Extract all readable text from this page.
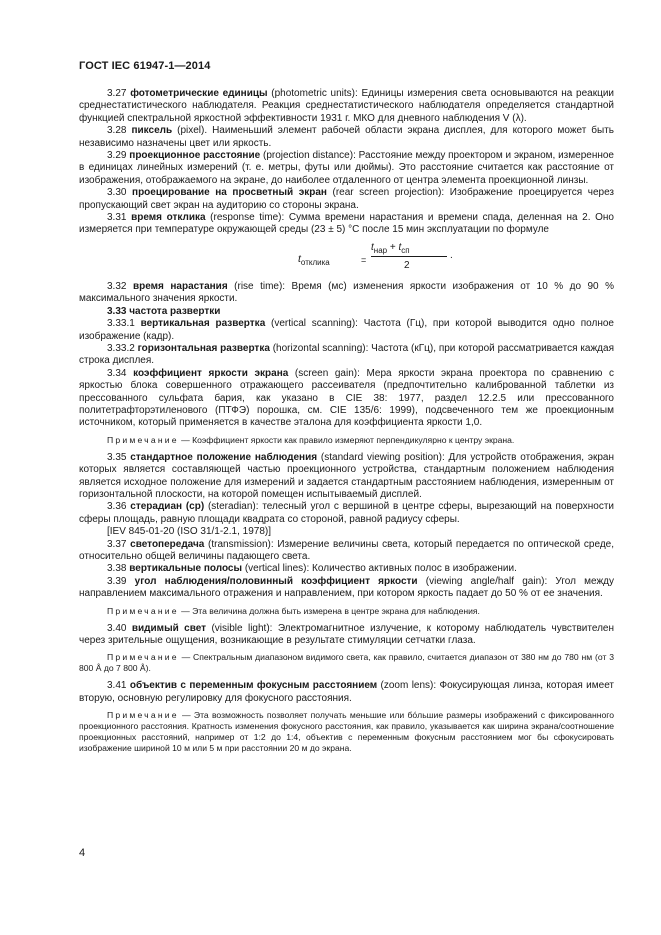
ГОСТ IEC 61947-1—2014

3.27 фотометрические единицы (photometric units): Единицы измерения света основываются на реакции среднестатистического наблюдателя. Реакция среднестатистического наблюдателя определяется стандартной функцией спектральной яркостной эффективности 1931 г. МКО для дневного наблюдения V (λ).

3.28 пиксель (pixel). Наименьший элемент рабочей области экрана дисплея, для которого может быть независимо назначены цвет или яркость.

3.29 проекционное расстояние (projection distance): Расстояние между проектором и экраном, измеренное в единицах линейных измерений (т. е. метры, футы или дюймы). Это расстояние считается как расстояние от изображения, отображаемого на экране, до наиболее отдаленного от центра элемента проекционной линзы.

3.30 проецирование на просветный экран (rear screen projection): Изображение проецируется через пропускающий свет экран на аудиторию со стороны экрана.

3.31 время отклика (response time): Сумма времени нарастания и времени спада, деленная на 2. Оно измеряется при температуре окружающей среды (23 ± 5) °С после 15 мин эксплуатации по формуле

$t_{отклика}$	=
$t_{нар} + t_{сп}$
2
.

3.32 время нарастания (rise time): Время (мс) изменения яркости изображения от 10 % до 90 % максимального значения яркости.

3.33 частота развертки

3.33.1 вертикальная развертка (vertical scanning): Частота (Гц), при которой выводится одно полное изображение (кадр).

3.33.2 горизонтальная развертка (horizontal scanning): Частота (кГц), при которой рассматривается каждая строка дисплея.

3.34 коэффициент яркости экрана (screen gain): Мера яркости экрана проектора по сравнению с яркостью блока совершенного отражающего рассеивателя (предпочтительно калиброванной таблетки из прессованного сульфата бария, как указано в CIE 38: 1977, раздел 12.2.5 или прессованного политетрафторэтиленового (ПТФЭ) порошка, см. CIE 135/6: 1999), подсвеченного тем же проекционным источником, который применяется в качестве эталона для коэффициента яркости 1,0.

Примечание — Коэффициент яркости как правило измеряют перпендикулярно к центру экрана.

3.35 стандартное положение наблюдения (standard viewing position): Для устройств отображения, экран которых является составляющей частью проекционного устройства, стандартным положением наблюдения является исходное положение для измерений и задается стандартным расстоянием наблюдения, измеренным от горизонтальной плоскости, на которой помещен испытываемый дисплей.

3.36 стерадиан (ср) (steradian): телесный угол с вершиной в центре сферы, вырезающий на поверхности сферы площадь, равную площади квадрата со стороной, равной радиусу сферы.

[IEV 845-01-20 (ISO 31/1-2.1, 1978)]

3.37 светопередача (transmission): Измерение величины света, который передается по оптической среде, относительно общей величины падающего света.

3.38 вертикальные полосы (vertical lines): Количество активных полос в изображении.

3.39 угол наблюдения/половинный коэффициент яркости (viewing angle/half gain): Угол между направлением максимального отражения и направлением, при котором яркость падает до 50 % от ее значения.

Примечание — Эта величина должна быть измерена в центре экрана для наблюдения.

3.40 видимый свет (visible light): Электромагнитное излучение, к которому наблюдатель чувствителен через зрительные ощущения, возникающие в результате стимуляции сетчатки глаза.

Примечание — Спектральным диапазоном видимого света, как правило, считается диапазон от 380 нм до 780 нм (от 3 800 Å до 7 800 Å).

3.41 объектив с переменным фокусным расстоянием (zoom lens): Фокусирующая линза, которая имеет вторую, основную регулировку для фокусного расстояния.

Примечание — Эта возможность позволяет получать меньшие или бо́льшие размеры изображений с фиксированного проекционного расстояния. Кратность изменения фокусного расстояния, как правило, указывается как ширина экрана/соотношение проекционных расстояний, например от 1:2 до 1:4, объектив с переменным фокусным расстоянием мог бы сфокусировать изображение шириной 10 м или 5 м при расстоянии 20 м до экрана.

4
